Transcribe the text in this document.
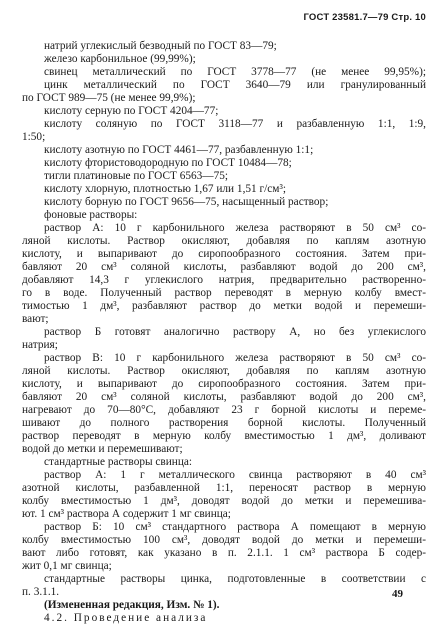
ГОСТ 23581.7—79 Стр. 10
натрий углекислый безводный по ГОСТ 83—79;
железо карбонильное (99,99%);
свинец металлический по ГОСТ 3778—77 (не менее 99,95%);
цинк металлический по ГОСТ 3640—79 или гранулированный
по ГОСТ 989—75 (не менее 99,9%);
кислоту серную по ГОСТ 4204—77;
кислоту соляную по ГОСТ 3118—77 и разбавленную 1:1, 1:9,
1:50;
кислоту азотную по ГОСТ 4461—77, разбавленную 1:1;
кислоту фтористоводородную по ГОСТ 10484—78;
тигли платиновые по ГОСТ 6563—75;
кислоту хлорную, плотностью 1,67 или 1,51 г/см³;
кислоту борную по ГОСТ 9656—75, насыщенный раствор;
фоновые растворы:
раствор А: 10 г карбонильного железа растворяют в 50 см³ со-
ляной кислоты. Раствор окисляют, добавляя по каплям азотную
кислоту, и выпаривают до сиропообразного состояния. Затем при-
бавляют 20 см³ соляной кислоты, разбавляют водой до 200 см³,
добавляют 14,3 г углекислого натрия, предварительно растворенно-
го в воде. Полученный раствор переводят в мерную колбу вмест-
тимостью 1 дм³, разбавляют раствор до метки водой и перемеши-
вают;
раствор Б готовят аналогично раствору А, но без углекислого
натрия;
раствор В: 10 г карбонильного железа растворяют в 50 см³ со-
ляной кислоты. Раствор окисляют, добавляя по каплям азотную
кислоту, и выпаривают до сиропообразного состояния. Затем при-
бавляют 20 см³ соляной кислоты, разбавляют водой до 200 см³,
нагревают до 70—80°С, добавляют 23 г борной кислоты и переме-
шивают до полного растворения борной кислоты. Полученный
раствор переводят в мерную колбу вместимостью 1 дм³, доливают
водой до метки и перемешивают;
стандартные растворы свинца:
раствор А: 1 г металлического свинца растворяют в 40 см³
азотной кислоты, разбавленной 1:1, переносят раствор в мерную
колбу вместимостью 1 дм³, доводят водой до метки и перемешива-
ют. 1 см³ раствора А содержит 1 мг свинца;
раствор Б: 10 см³ стандартного раствора А помещают в мерную
колбу вместимостью 100 см³, доводят водой до метки и перемеши-
вают либо готовят, как указано в п. 2.1.1. 1 см³ раствора Б содер-
жит 0,1 мг свинца;
стандартные растворы цинка, подготовленные в соответствии с
п. 3.1.1.
(Измененная редакция, Изм. № 1).
4.2. Проведение анализа
49
